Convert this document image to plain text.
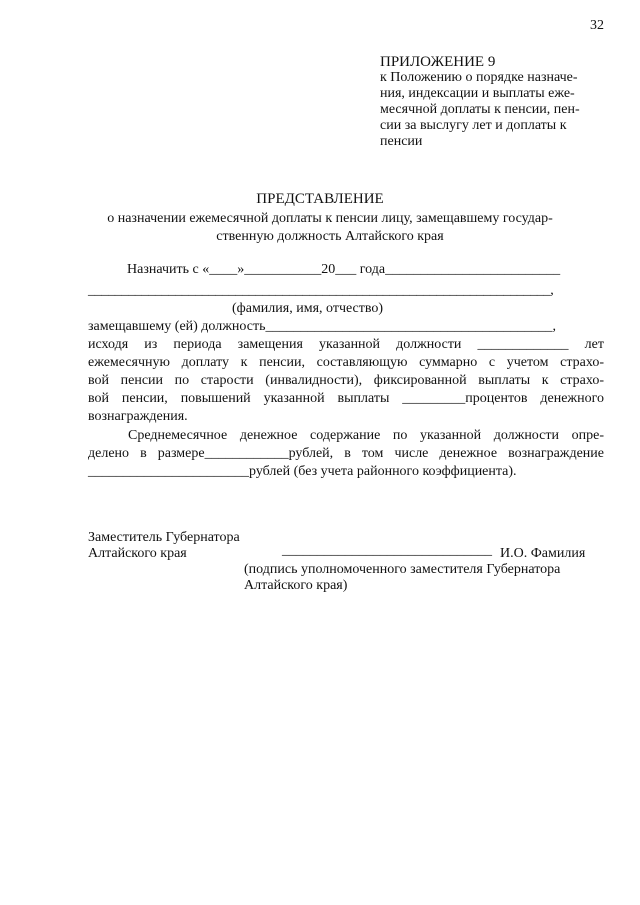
32
ПРИЛОЖЕНИЕ 9
к Положению о порядке назначе-
ния, индексации и выплаты еже-
месячной доплаты к пенсии, пен-
сии за выслугу лет и доплаты к
пенсии
ПРЕДСТАВЛЕНИЕ
о назначении ежемесячной доплаты к пенсии лицу, замещавшему государ-
ственную должность Алтайского края
Назначить с «____»___________20___ года_________________________
_____________________________________________________________________,
(фамилия, имя, отчество)
замещавшему (ей) должность_________________________________________,
исходя из периода замещения указанной должности _____________ лет
ежемесячную доплату к пенсии, составляющую суммарно с учетом страхо-
вой пенсии по старости (инвалидности), фиксированной выплаты к страхо-
вой пенсии, повышений указанной выплаты _________процентов денежного
вознаграждения.
Среднемесячное денежное содержание по указанной должности опре-
делено в размере____________рублей, в том числе денежное вознаграждение
_______________________рублей (без учета районного коэффициента).
Заместитель Губернатора
Алтайского края	______________________________ И.О. Фамилия
(подпись уполномоченного заместителя Губернатора
Алтайского края)
